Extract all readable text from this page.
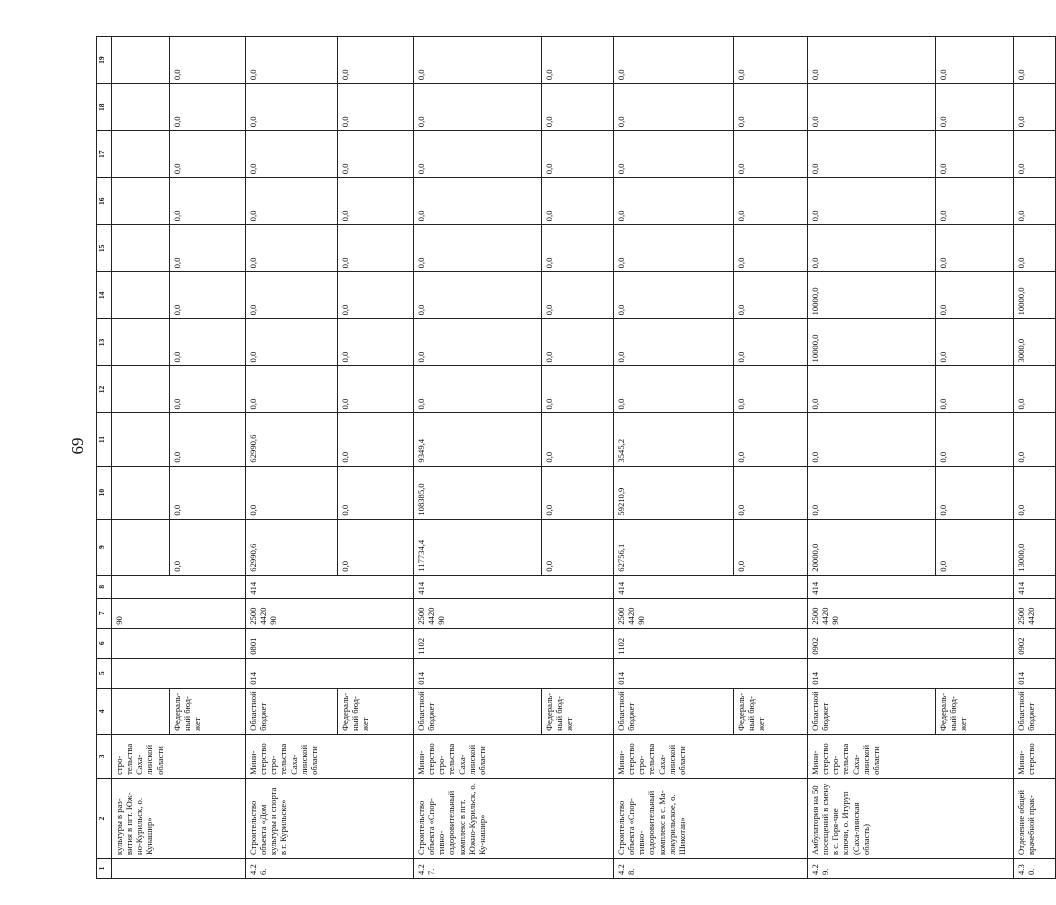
69
1	2	3	4	5	6	7	8	9	10	11	12	13	14	15	16	17	18	19
	культуры в раз-вития в пгт. Юж-но-Курильск, о. Кунашир»	стро-тельства Саха-линской области				90												
			Федераль-ный бюд-жет					0,0	0,0	0,0	0,0	0,0	0,0	0,0	0,0	0,0	0,0	0,0
4.2 6.	Строительство объекта «Дом культуры и спорта в г. Курильске»	Мини-стерство стро-тельства Саха-линской области	Областной бюджет	014	0801	2500 4420 90	414	62990,6	0,0	62990,6	0,0	0,0	0,0	0,0	0,0	0,0	0,0	0,0
			Федераль-ный бюд-жет					0,0	0,0	0,0	0,0	0,0	0,0	0,0	0,0	0,0	0,0	0,0
4.2 7.	Строительство объекта «Спор-тивно-оздоровительный комплекс в пгт. Южно-Курильск, о. Ку-нашир»	Мини-стерство стро-тельства Саха-линской области	Областной бюджет	014	1102	2500 4420 90	414	117734,4	108385,0	9349,4	0,0	0,0	0,0	0,0	0,0	0,0	0,0	0,0
			Федераль-ный бюд-жет					0,0	0,0	0,0	0,0	0,0	0,0	0,0	0,0	0,0	0,0	0,0
4.2 8.	Строительство объекта «Спор-тивно-оздоровительный комплекс в с. Ма-локурильское, о. Шикотан»	Мини-стерство стро-тельства Саха-линской области	Областной бюджет	014	1102	2500 4420 90	414	62756,1	59210,9	3545,2	0,0	0,0	0,0	0,0	0,0	0,0	0,0	0,0
			Федераль-ный бюд-жет					0,0	0,0	0,0	0,0	0,0	0,0	0,0	0,0	0,0	0,0	0,0
4.2 9.	Амбулатория на 50 посещений в смену в с. Горя-чие ключи, о. Итуруп (Саха-линская область)	Мини-стерство стро-тельства Саха-линской области	Областной бюджет	014	0902	2500 4420 90	414	20000,0	0,0	0,0	0,0	10000,0	10000,0	0,0	0,0	0,0	0,0	0,0
			Федераль-ный бюд-жет					0,0	0,0	0,0	0,0	0,0	0,0	0,0	0,0	0,0	0,0	0,0
4.3 0.	Отделение общей врачебной прак-	Мини-стерство	Областной бюджет	014	0902	2500 4420	414	13000,0	0,0	0,0	0,0	3000,0	10000,0	0,0	0,0	0,0	0,0	0,0
